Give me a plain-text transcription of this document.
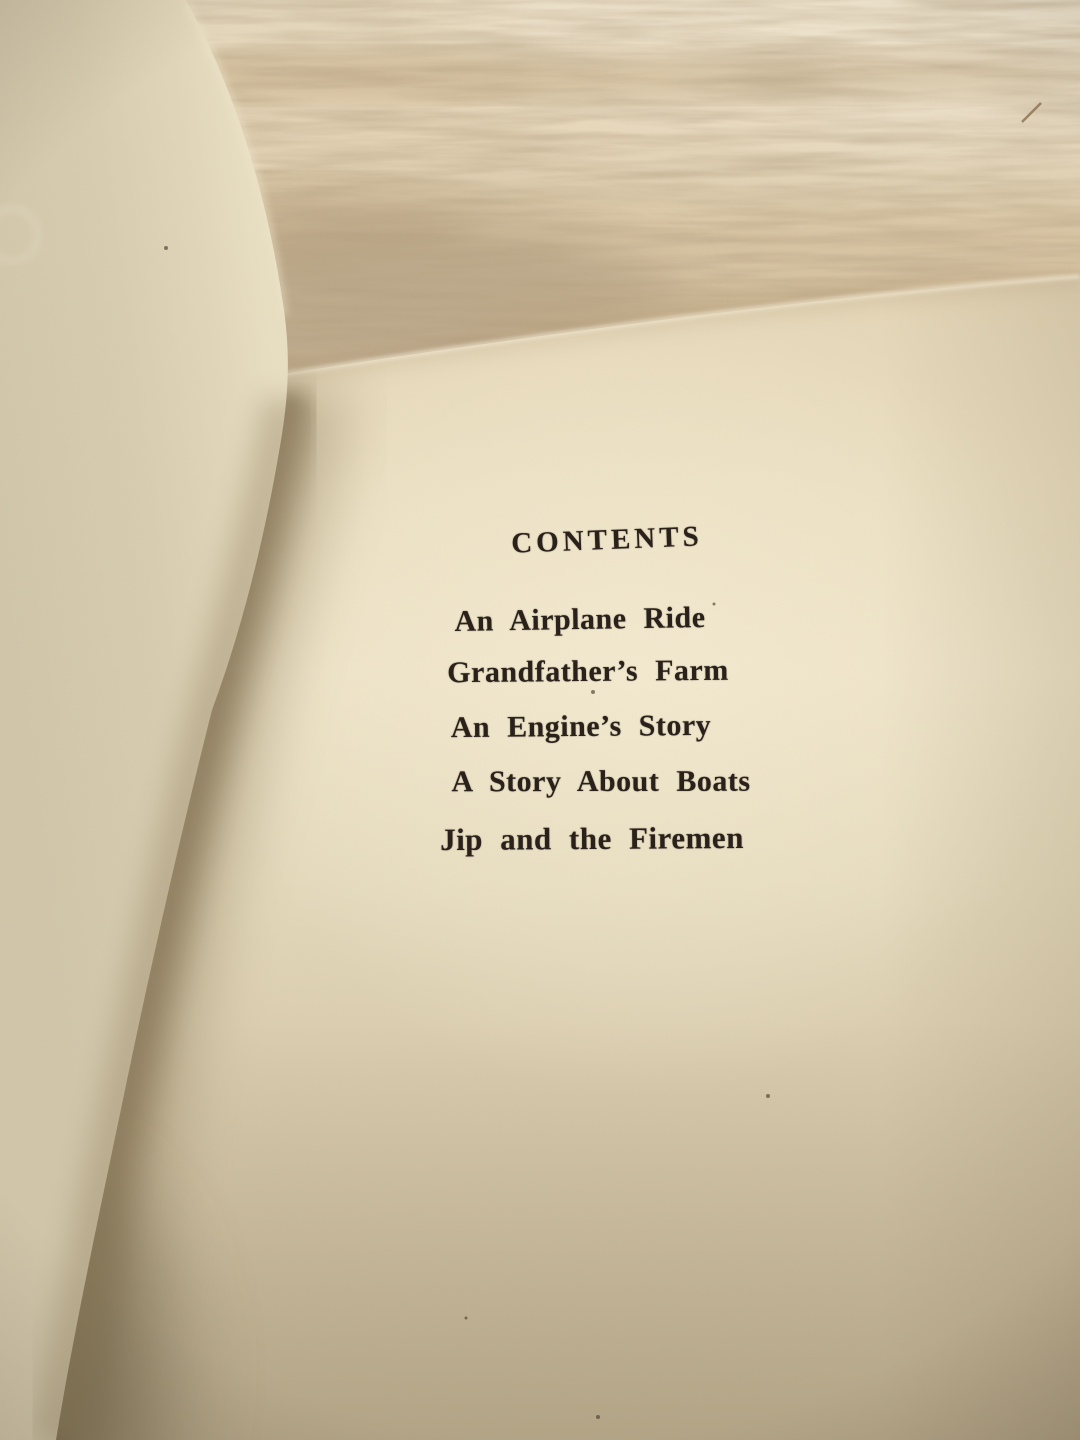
CONTENTS
An Airplane Ride
Grandfather’s Farm
An Engine’s Story
A Story About Boats
Jip and the Firemen
